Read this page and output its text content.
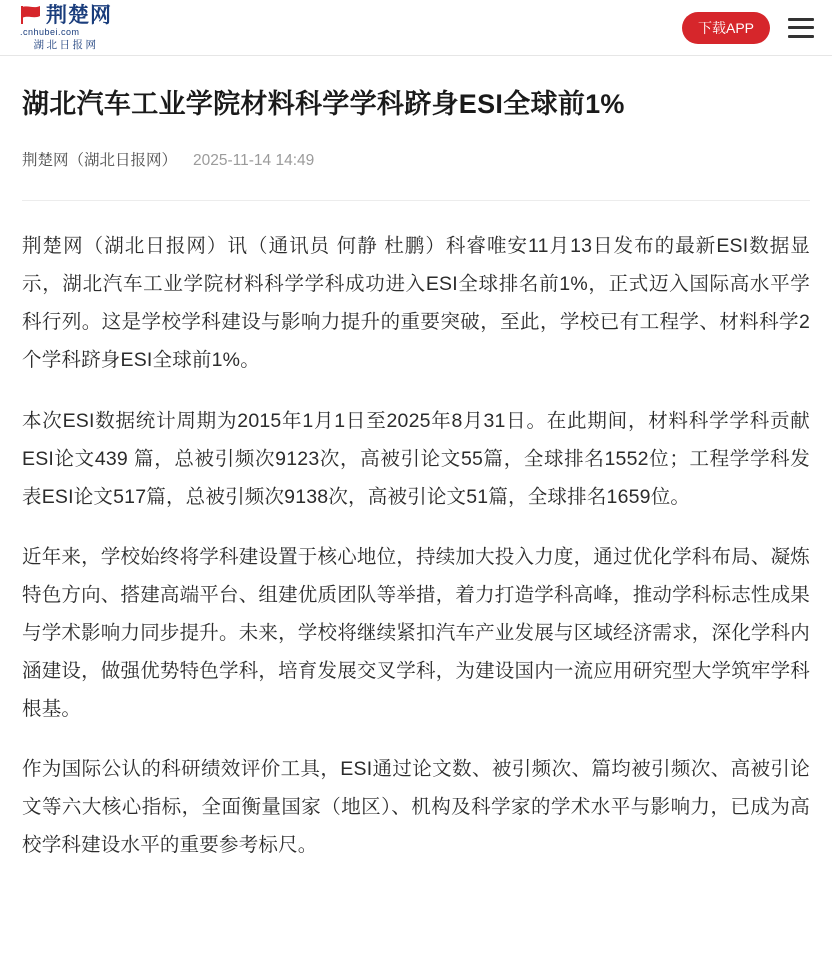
荆楚网
.cnhubei.com
湖北日报网
下载APP
湖北汽车工业学院材料科学学科跻身ESI全球前1%
荆楚网（湖北日报网） 2025-11-14 14:49

荆楚网（湖北日报网）讯（通讯员 何静 杜鹏）科睿唯安11月13日发布的最新ESI数据显示，湖北汽车工业学院材料科学学科成功进入ESI全球排名前1%，正式迈入国际高水平学科行列。这是学校学科建设与影响力提升的重要突破，至此，学校已有工程学、材料科学2个学科跻身ESI全球前1%。

本次ESI数据统计周期为2015年1月1日至2025年8月31日。在此期间，材料科学学科贡献ESI论文439 篇，总被引频次9123次，高被引论文55篇，全球排名1552位；工程学学科发表ESI论文517篇，总被引频次9138次，高被引论文51篇，全球排名1659位。

近年来，学校始终将学科建设置于核心地位，持续加大投入力度，通过优化学科布局、凝炼特色方向、搭建高端平台、组建优质团队等举措，着力打造学科高峰，推动学科标志性成果与学术影响力同步提升。未来，学校将继续紧扣汽车产业发展与区域经济需求，深化学科内涵建设，做强优势特色学科，培育发展交叉学科，为建设国内一流应用研究型大学筑牢学科根基。

作为国际公认的科研绩效评价工具，ESI通过论文数、被引频次、篇均被引频次、高被引论文等六大核心指标，全面衡量国家（地区）、机构及科学家的学术水平与影响力，已成为高校学科建设水平的重要参考标尺。
